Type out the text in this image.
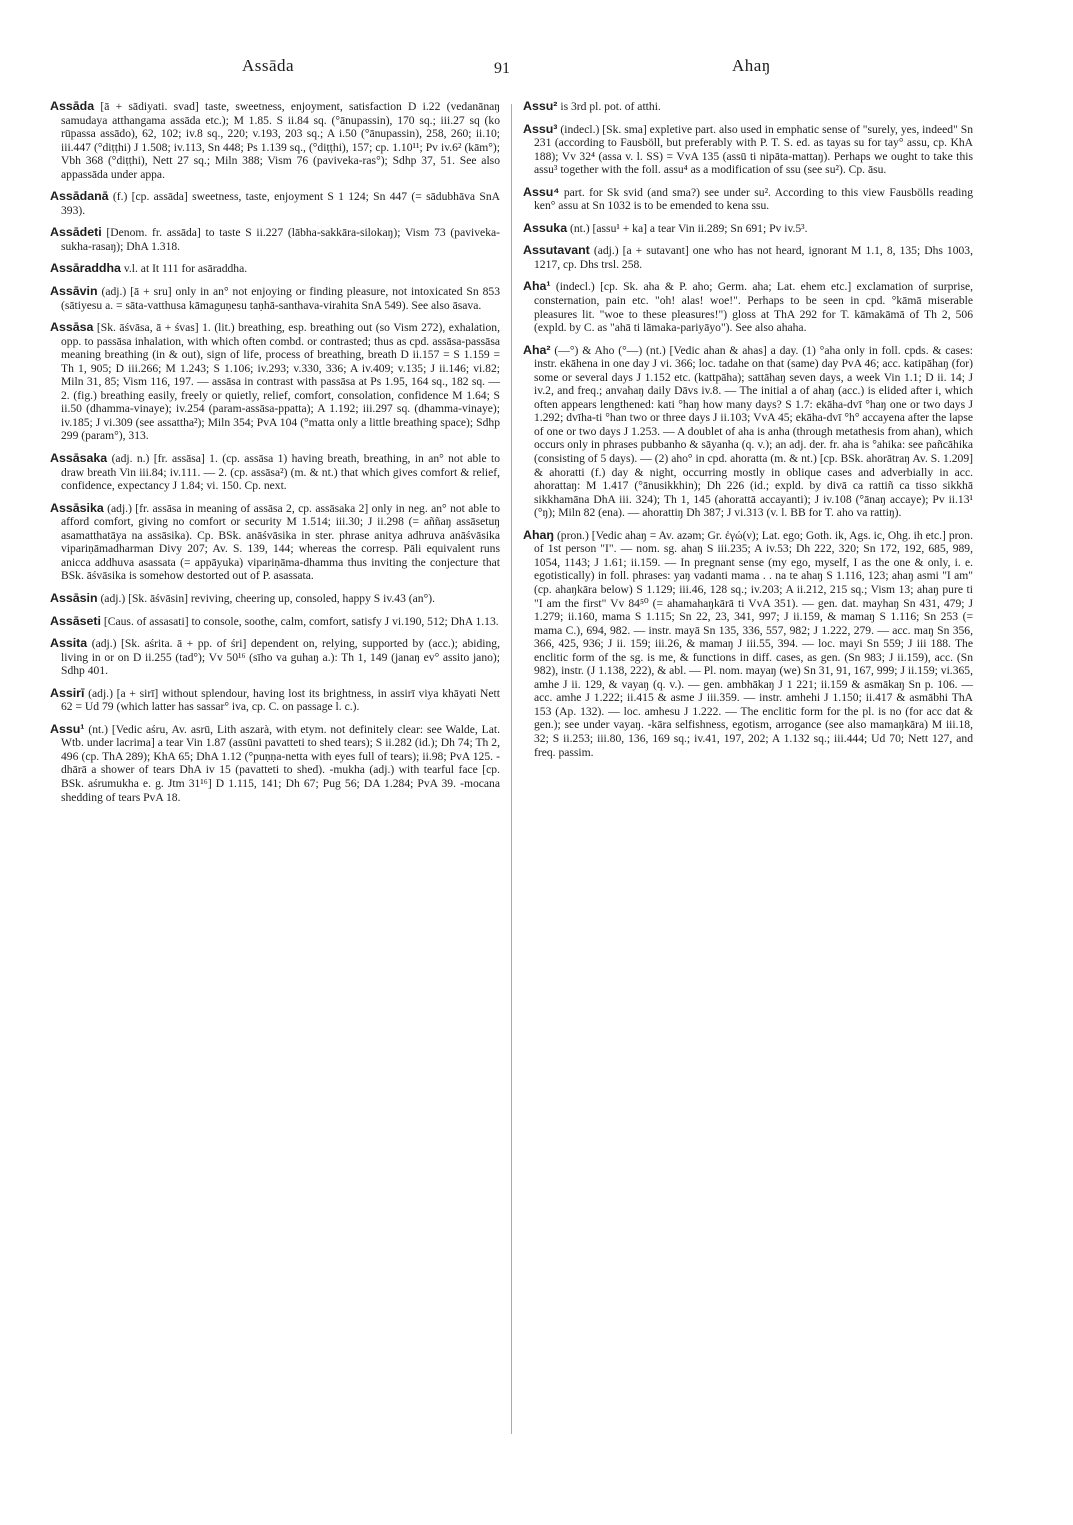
Assāda	91	Ahaŋ

Assāda [ā + sādiyati. svad] taste, sweetness, enjoyment, satisfaction D i.22 (vedanānaŋ samudaya atthangama assāda etc.); M 1.85. S ii.84 sq. (°ānupassin), 170 sq.; iii.27 sq (ko rūpassa assādo), 62, 102; iv.8 sq., 220; v.193, 203 sq.; A i.50 (°ānupassin), 258, 260; ii.10; iii.447 (°diṭṭhi) J 1.508; iv.113, Sn 448; Ps 1.139 sq., (°diṭṭhi), 157; cp. 1.10¹¹; Pv iv.6² (kām°); Vbh 368 (°diṭṭhi), Nett 27 sq.; Miln 388; Vism 76 (paviveka-ras°); Sdhp 37, 51. See also appassāda under appa.

Assādanā (f.) [cp. assāda] sweetness, taste, enjoyment S 1 124; Sn 447 (= sādubhāva SnA 393).

Assādeti [Denom. fr. assāda] to taste S ii.227 (lābha-sakkāra-silokaŋ); Vism 73 (paviveka-sukha-rasaŋ); DhA 1.318.

Assāraddha v.l. at It 111 for asāraddha.

Assāvin (adj.) [ā + sru] only in an° not enjoying or finding pleasure, not intoxicated Sn 853 (sātiyesu a. = sāta-vatthusa kāmaguṇesu taṇhā-santhava-virahita SnA 549). See also āsava.

Assāsa [Sk. āśvāsa, ā + śvas] 1. (lit.) breathing, esp. breathing out (so Vism 272), exhalation, opp. to passāsa inhalation, with which often combd. or contrasted; thus as cpd. assāsa-passāsa meaning breathing (in & out), sign of life, process of breathing, breath D ii.157 = S 1.159 = Th 1, 905; D iii.266; M 1.243; S 1.106; iv.293; v.330, 336; A iv.409; v.135; J ii.146; vi.82; Miln 31, 85; Vism 116, 197. — assāsa in contrast with passāsa at Ps 1.95, 164 sq., 182 sq. — 2. (fig.) breathing easily, freely or quietly, relief, comfort, consolation, confidence M 1.64; S ii.50 (dhamma-vinaye); iv.254 (param-assāsa-ppatta); A 1.192; iii.297 sq. (dhamma-vinaye); iv.185; J vi.309 (see assattha²); Miln 354; PvA 104 (°matta only a little breathing space); Sdhp 299 (param°), 313.

Assāsaka (adj. n.) [fr. assāsa] 1. (cp. assāsa 1) having breath, breathing, in an° not able to draw breath Vin iii.84; iv.111. — 2. (cp. assāsa²) (m. & nt.) that which gives comfort & relief, confidence, expectancy J 1.84; vi. 150. Cp. next.

Assāsika (adj.) [fr. assāsa in meaning of assāsa 2, cp. assāsaka 2] only in neg. an° not able to afford comfort, giving no comfort or security M 1.514; iii.30; J ii.298 (= aññaŋ assāsetuŋ asamatthatāya na assāsika). Cp. BSk. anāśvāsika in ster. phrase anitya adhruva anāśvāsika vipariṇāmadharman Divy 207; Av. S. 139, 144; whereas the corresp. Pāli equivalent runs anicca addhuva asassata (= appāyuka) vipariṇāma-dhamma thus inviting the conjecture that BSk. āśvāsika is somehow destorted out of P. asassata.

Assāsin (adj.) [Sk. āśvāsin] reviving, cheering up, consoled, happy S iv.43 (an°).

Assāseti [Caus. of assasati] to console, soothe, calm, comfort, satisfy J vi.190, 512; DhA 1.13.

Assita (adj.) [Sk. aśrita. ā + pp. of śri] dependent on, relying, supported by (acc.); abiding, living in or on D ii.255 (tad°); Vv 50¹⁶ (sīho va guhaŋ a.): Th 1, 149 (janaŋ ev° assito jano); Sdhp 401.

Assirī (adj.) [a + sirī] without splendour, having lost its brightness, in assirī viya khāyati Nett 62 = Ud 79 (which latter has sassar° iva, cp. C. on passage l. c.).

Assu¹ (nt.) [Vedic aśru, Av. asrū, Lith aszarà, with etym. not definitely clear: see Walde, Lat. Wtb. under lacrima] a tear Vin 1.87 (assūni pavatteti to shed tears); S ii.282 (id.); Dh 74; Th 2, 496 (cp. ThA 289); KhA 65; DhA 1.12 (°puṇṇa-netta with eyes full of tears); ii.98; PvA 125. -dhārā a shower of tears DhA iv 15 (pavatteti to shed). -mukha (adj.) with tearful face [cp. BSk. aśrumukha e. g. Jtm 31¹⁶] D 1.115, 141; Dh 67; Pug 56; DA 1.284; PvA 39. -mocana shedding of tears PvA 18.

Assu² is 3rd pl. pot. of atthi.

Assu³ (indecl.) [Sk. sma] expletive part. also used in emphatic sense of "surely, yes, indeed" Sn 231 (according to Fausböll, but preferably with P. T. S. ed. as tayas su for tay° assu, cp. KhA 188); Vv 32⁴ (assa v. l. SS) = VvA 135 (assū ti nipāta-mattaŋ). Perhaps we ought to take this assu³ together with the foll. assu⁴ as a modification of ssu (see su²). Cp. āsu.

Assu⁴ part. for Sk svid (and sma?) see under su². According to this view Fausbölls reading ken° assu at Sn 1032 is to be emended to kena ssu.

Assuka (nt.) [assu¹ + ka] a tear Vin ii.289; Sn 691; Pv iv.5³.

Assutavant (adj.) [a + sutavant] one who has not heard, ignorant M 1.1, 8, 135; Dhs 1003, 1217, cp. Dhs trsl. 258.

Aha¹ (indecl.) [cp. Sk. aha & P. aho; Germ. aha; Lat. ehem etc.] exclamation of surprise, consternation, pain etc. "oh! alas! woe!". Perhaps to be seen in cpd. °kāmā miserable pleasures lit. "woe to these pleasures!") gloss at ThA 292 for T. kāmakāmā of Th 2, 506 (expld. by C. as "ahā ti lāmaka-pariyāyo"). See also ahaha.

Aha² (—°) & Aho (°—) (nt.) [Vedic ahan & ahas] a day. (1) °aha only in foll. cpds. & cases: instr. ekāhena in one day J vi. 366; loc. tadahe on that (same) day PvA 46; acc. katipāhaŋ (for) some or several days J 1.152 etc. (kattpāha); sattāhaŋ seven days, a week Vin 1.1; D ii. 14; J iv.2, and freq.; anvahaŋ daily Dāvs iv.8. — The initial a of ahaŋ (acc.) is elided after i, which often appears lengthened: kati °haŋ how many days? S 1.7: ekāha-dvī °haŋ one or two days J 1.292; dvīha-ti °han two or three days J ii.103; VvA 45; ekāha-dvī °h° accayena after the lapse of one or two days J 1.253. — A doublet of aha is anha (through metathesis from ahan), which occurs only in phrases pubbanho & sāyanha (q. v.); an adj. der. fr. aha is °ahika: see pañcāhika (consisting of 5 days). — (2) aho° in cpd. ahoratta (m. & nt.) [cp. BSk. ahorātraŋ Av. S. 1.209] & ahoratti (f.) day & night, occurring mostly in oblique cases and adverbially in acc. ahorattaŋ: M 1.417 (°ānusikkhin); Dh 226 (id.; expld. by divā ca rattiñ ca tisso sikkhā sikkhamāna DhA iii. 324); Th 1, 145 (ahorattā accayanti); J iv.108 (°ānaŋ accaye); Pv ii.13¹ (°ŋ); Miln 82 (ena). — ahorattiŋ Dh 387; J vi.313 (v. l. BB for T. aho va rattiŋ).

Ahaŋ (pron.) [Vedic ahaŋ = Av. azəm; Gr. ἐγώ(ν); Lat. ego; Goth. ik, Ags. ic, Ohg. ih etc.] pron. of 1st person "I". — nom. sg. ahaŋ S iii.235; A iv.53; Dh 222, 320; Sn 172, 192, 685, 989, 1054, 1143; J 1.61; ii.159. — In pregnant sense (my ego, myself, I as the one & only, i. e. egotistically) in foll. phrases: yaŋ vadanti mama . . na te ahaŋ S 1.116, 123; ahaŋ asmi "I am" (cp. ahaŋkāra below) S 1.129; iii.46, 128 sq.; iv.203; A ii.212, 215 sq.; Vism 13; ahaŋ pure ti "I am the first" Vv 84⁵⁰ (= ahamahaŋkārā ti VvA 351). — gen. dat. mayhaŋ Sn 431, 479; J 1.279; ii.160, mama S 1.115; Sn 22, 23, 341, 997; J ii.159, & mamaŋ S 1.116; Sn 253 (= mama C.), 694, 982. — instr. mayā Sn 135, 336, 557, 982; J 1.222, 279. — acc. maŋ Sn 356, 366, 425, 936; J ii. 159; iii.26, & mamaŋ J iii.55, 394. — loc. mayi Sn 559; J iii 188. The enclitic form of the sg. is me, & functions in diff. cases, as gen. (Sn 983; J ii.159), acc. (Sn 982), instr. (J 1.138, 222), & abl. — Pl. nom. mayaŋ (we) Sn 31, 91, 167, 999; J ii.159; vi.365, amhe J ii. 129, & vayaŋ (q. v.). — gen. ambhākaŋ J 1 221; ii.159 & asmākaŋ Sn p. 106. — acc. amhe J 1.222; ii.415 & asme J iii.359. — instr. amhehi J 1.150; ii.417 & asmābhi ThA 153 (Ap. 132). — loc. amhesu J 1.222. — The enclitic form for the pl. is no (for acc dat & gen.); see under vayaŋ. -kāra selfishness, egotism, arrogance (see also mamaŋkāra) M iii.18, 32; S ii.253; iii.80, 136, 169 sq.; iv.41, 197, 202; A 1.132 sq.; iii.444; Ud 70; Nett 127, and freq. passim.
